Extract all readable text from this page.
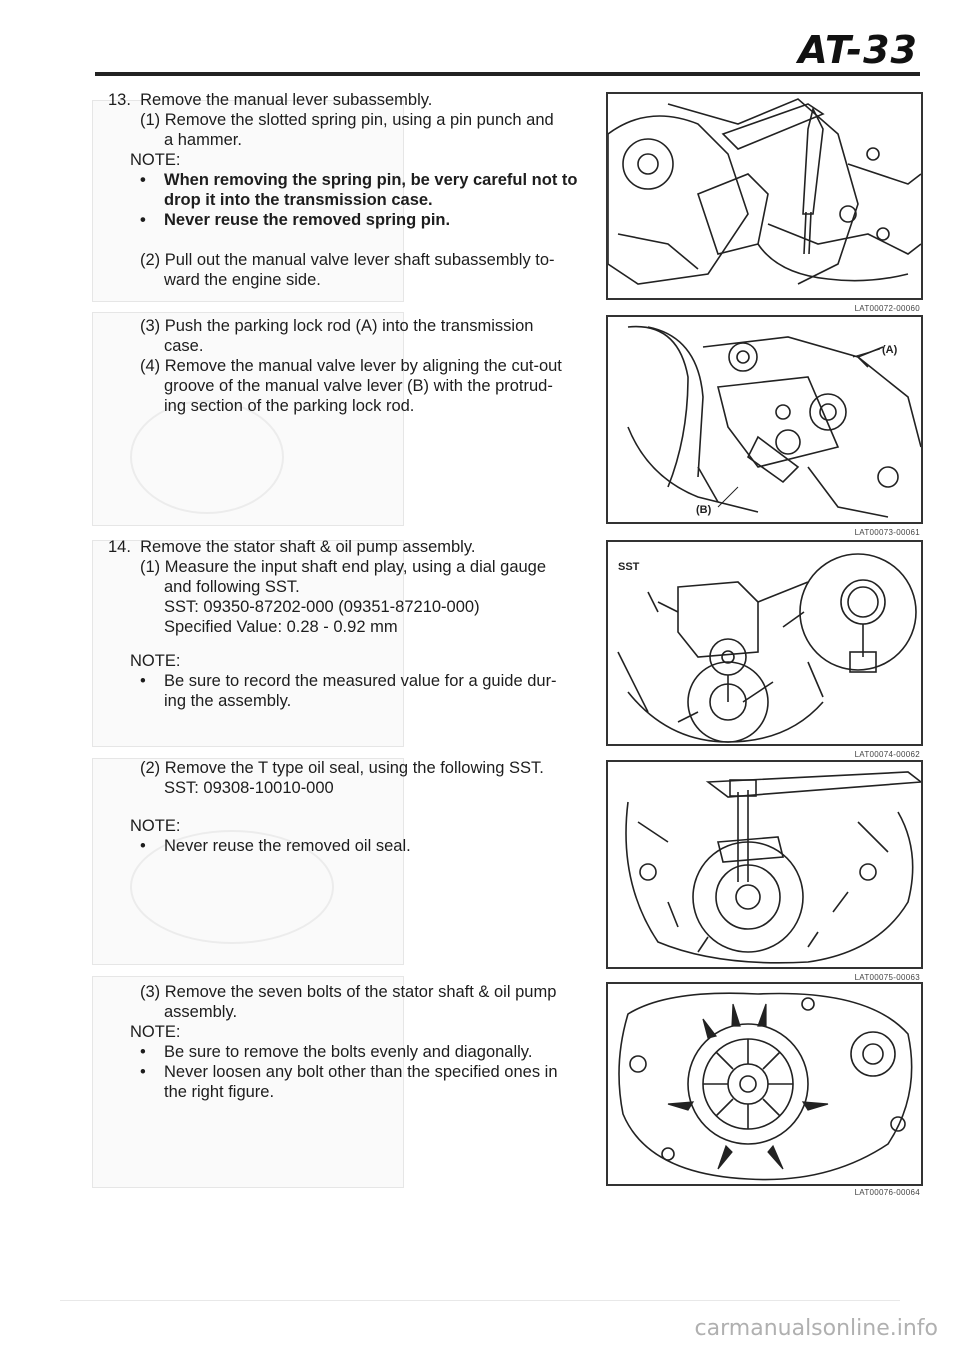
AT-33

13. Remove the manual lever subassembly.

(1) Remove the slotted spring pin, using a pin punch and

a hammer.

NOTE:

•	When removing the spring pin, be very careful not to
drop it into the transmission case.
•	Never reuse the removed spring pin.

(2) Pull out the manual valve lever shaft subassembly to-

ward the engine side.

(3) Push the parking lock rod (A) into the transmission

case.

(4) Remove the manual valve lever by aligning the cut-out

groove of the manual valve lever (B) with the protrud-

ing section of the parking lock rod.

14. Remove the stator shaft & oil pump assembly.

(1) Measure the input shaft end play, using a dial gauge

and following SST.

SST: 09350-87202-000 (09351-87210-000)

Specified Value: 0.28 - 0.92 mm

NOTE:

•	Be sure to record the measured value for a guide dur-
ing the assembly.

(2) Remove the T type oil seal, using the following SST.

SST: 09308-10010-000

NOTE:

•	Never reuse the removed oil seal.

(3) Remove the seven bolts of the stator shaft & oil pump

assembly.

NOTE:

•	Be sure to remove the bolts evenly and diagonally.
•	Never loosen any bolt other than the specified ones in
the right figure.
LAT00072-00060
(A)
(B)
LAT00073-00061
SST
LAT00074-00062
LAT00075-00063
LAT00076-00064
carmanualsonline.info
